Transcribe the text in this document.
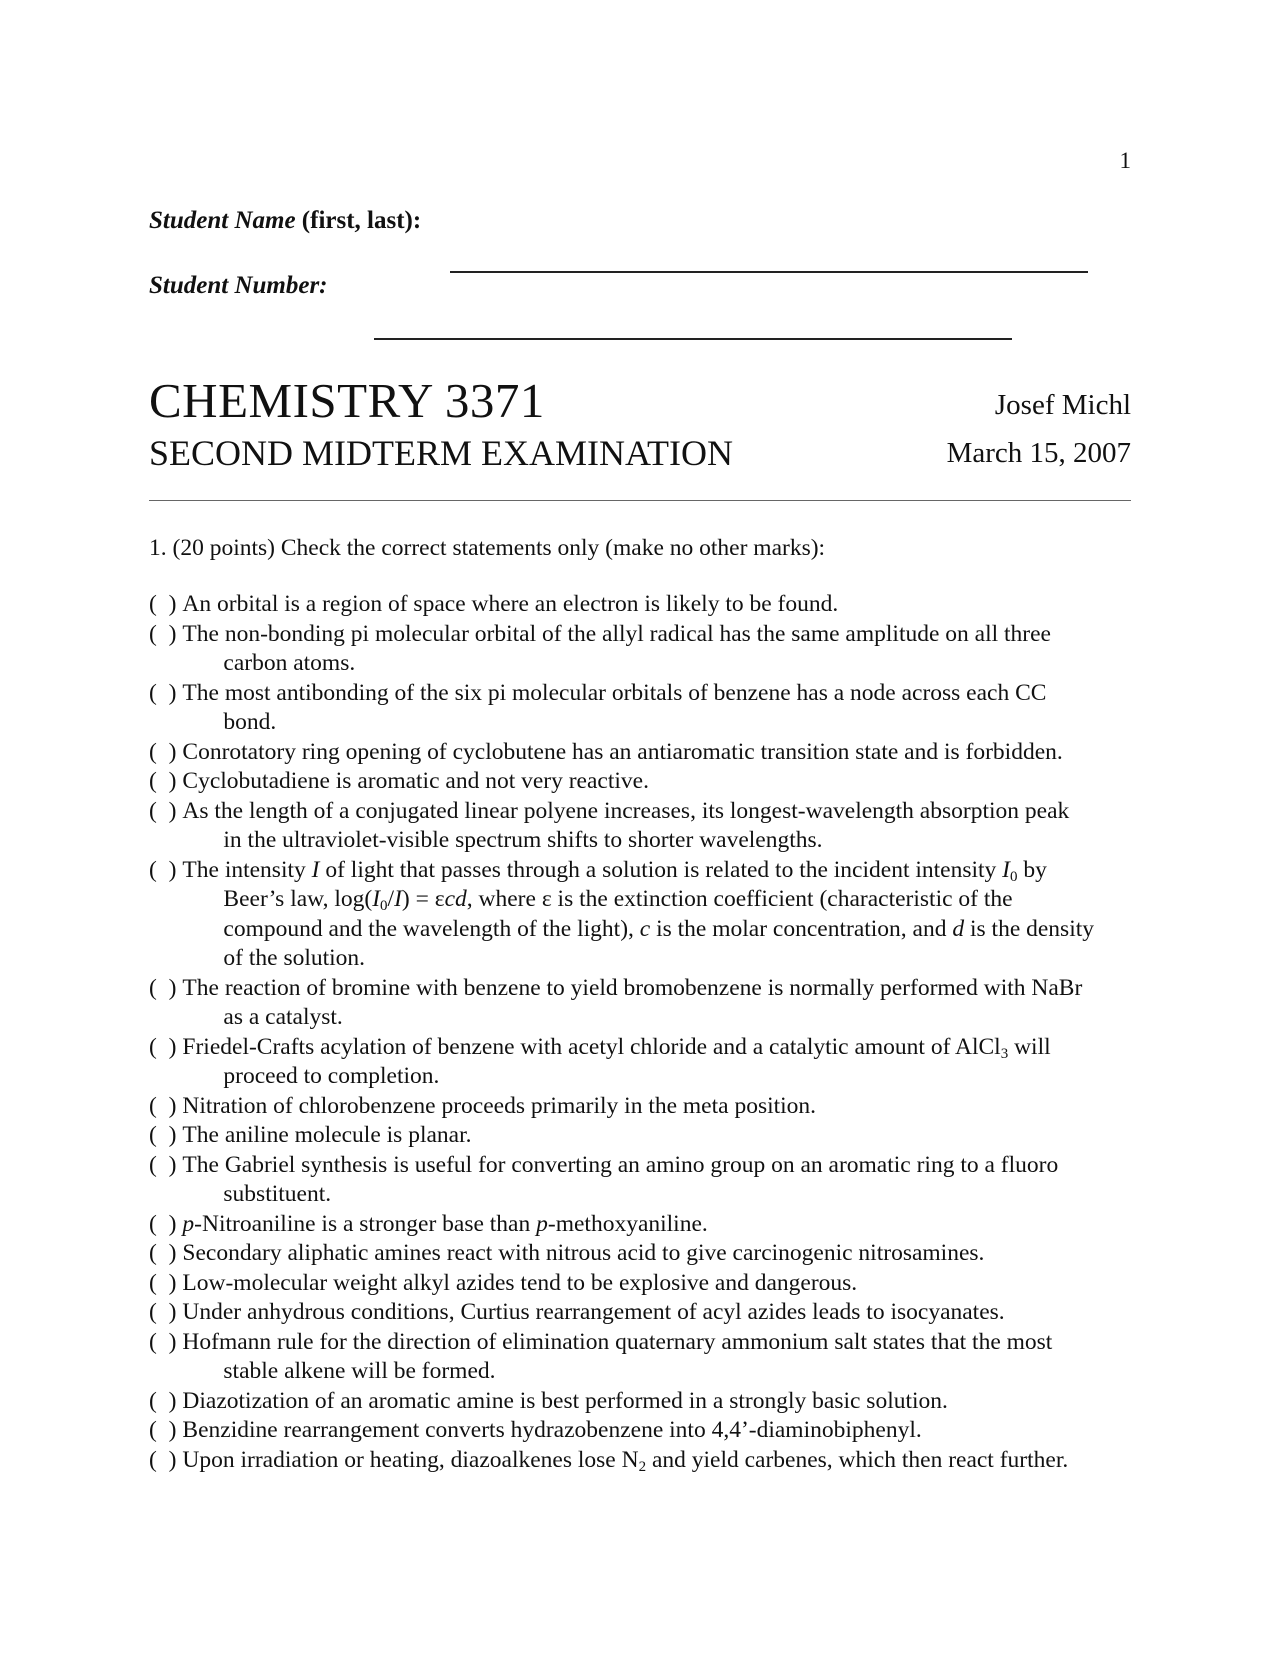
1
Student Name (first, last):
Student Number:
CHEMISTRY 3371
SECOND MIDTERM EXAMINATION
Josef Michl
March 15, 2007
1. (20 points) Check the correct statements only (make no other marks):
(  ) An orbital is a region of space where an electron is likely to be found.
(  ) The non-bonding pi molecular orbital of the allyl radical has the same amplitude on all three
carbon atoms.
(  ) The most antibonding of the six pi molecular orbitals of benzene has a node across each CC
bond.
(  ) Conrotatory ring opening of cyclobutene has an antiaromatic transition state and is forbidden.
(  ) Cyclobutadiene is aromatic and not very reactive.
(  ) As the length of a conjugated linear polyene increases, its longest-wavelength absorption peak
in the ultraviolet-visible spectrum shifts to shorter wavelengths.
(  ) The intensity I of light that passes through a solution is related to the incident intensity $I_0$ by
Beer’s law, $\log(I_0/I) = \varepsilon cd$, where ε is the extinction coefficient (characteristic of the
compound and the wavelength of the light), c is the molar concentration, and d is the density
of the solution.
(  ) The reaction of bromine with benzene to yield bromobenzene is normally performed with NaBr
as a catalyst.
(  ) Friedel-Crafts acylation of benzene with acetyl chloride and a catalytic amount of AlCl$_3$ will
proceed to completion.
(  ) Nitration of chlorobenzene proceeds primarily in the meta position.
(  ) The aniline molecule is planar.
(  ) The Gabriel synthesis is useful for converting an amino group on an aromatic ring to a fluoro
substituent.
(  ) p-Nitroaniline is a stronger base than p-methoxyaniline.
(  ) Secondary aliphatic amines react with nitrous acid to give carcinogenic nitrosamines.
(  ) Low-molecular weight alkyl azides tend to be explosive and dangerous.
(  ) Under anhydrous conditions, Curtius rearrangement of acyl azides leads to isocyanates.
(  ) Hofmann rule for the direction of elimination quaternary ammonium salt states that the most
stable alkene will be formed.
(  ) Diazotization of an aromatic amine is best performed in a strongly basic solution.
(  ) Benzidine rearrangement converts hydrazobenzene into 4,4’-diaminobiphenyl.
(  ) Upon irradiation or heating, diazoalkenes lose $N_2$ and yield carbenes, which then react further.
